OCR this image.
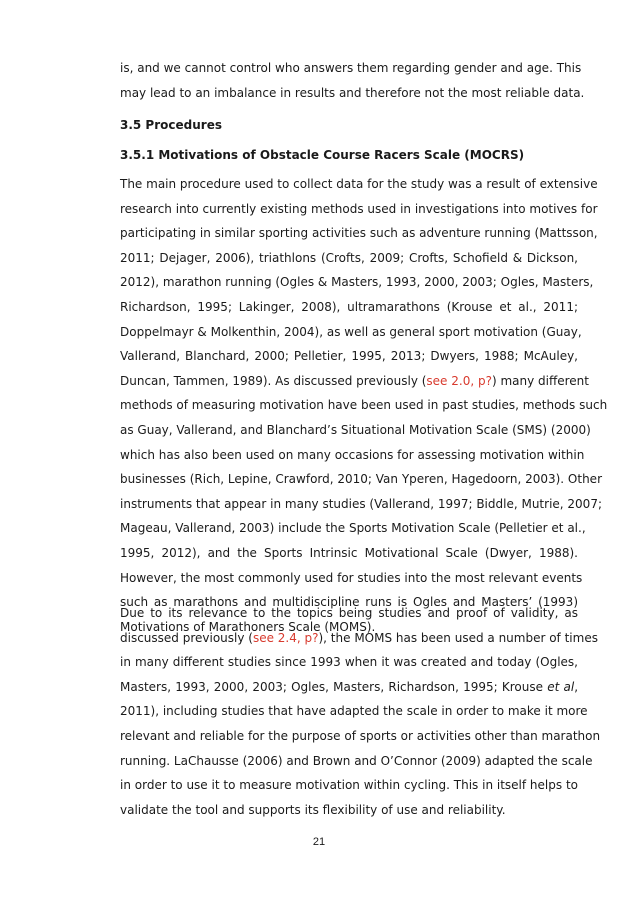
is, and we cannot control who answers them regarding gender and age. This
may lead to an imbalance in results and therefore not the most reliable data.
3.5 Procedures
3.5.1 Motivations of Obstacle Course Racers Scale (MOCRS)
The main procedure used to collect data for the study was a result of extensive
research into currently existing methods used in investigations into motives for
participating in similar sporting activities such as adventure running (Mattsson,
2011; Dejager, 2006), triathlons (Crofts, 2009; Crofts, Schofield & Dickson,
2012), marathon running (Ogles & Masters, 1993, 2000, 2003; Ogles, Masters,
Richardson, 1995; Lakinger, 2008), ultramarathons (Krouse et al., 2011;
Doppelmayr & Molkenthin, 2004), as well as general sport motivation (Guay,
Vallerand, Blanchard, 2000; Pelletier, 1995, 2013; Dwyers, 1988; McAuley,
Duncan, Tammen, 1989). As discussed previously (see 2.0, p?) many different
methods of measuring motivation have been used in past studies, methods such
as Guay, Vallerand, and Blanchard’s Situational Motivation Scale (SMS) (2000)
which has also been used on many occasions for assessing motivation within
businesses (Rich, Lepine, Crawford, 2010; Van Yperen, Hagedoorn, 2003). Other
instruments that appear in many studies (Vallerand, 1997; Biddle, Mutrie, 2007;
Mageau, Vallerand, 2003) include the Sports Motivation Scale (Pelletier et al.,
1995, 2012), and the Sports Intrinsic Motivational Scale (Dwyer, 1988).
However, the most commonly used for studies into the most relevant events
such as marathons and multidiscipline runs is Ogles and Masters’ (1993)
Motivations of Marathoners Scale (MOMS).
Due to its relevance to the topics being studies and proof of validity, as
discussed previously (see 2.4, p?), the MOMS has been used a number of times
in many different studies since 1993 when it was created and today (Ogles,
Masters, 1993, 2000, 2003; Ogles, Masters, Richardson, 1995; Krouse et al,
2011), including studies that have adapted the scale in order to make it more
relevant and reliable for the purpose of sports or activities other than marathon
running. LaChausse (2006) and Brown and O’Connor (2009) adapted the scale
in order to use it to measure motivation within cycling. This in itself helps to
validate the tool and supports its flexibility of use and reliability.
21
